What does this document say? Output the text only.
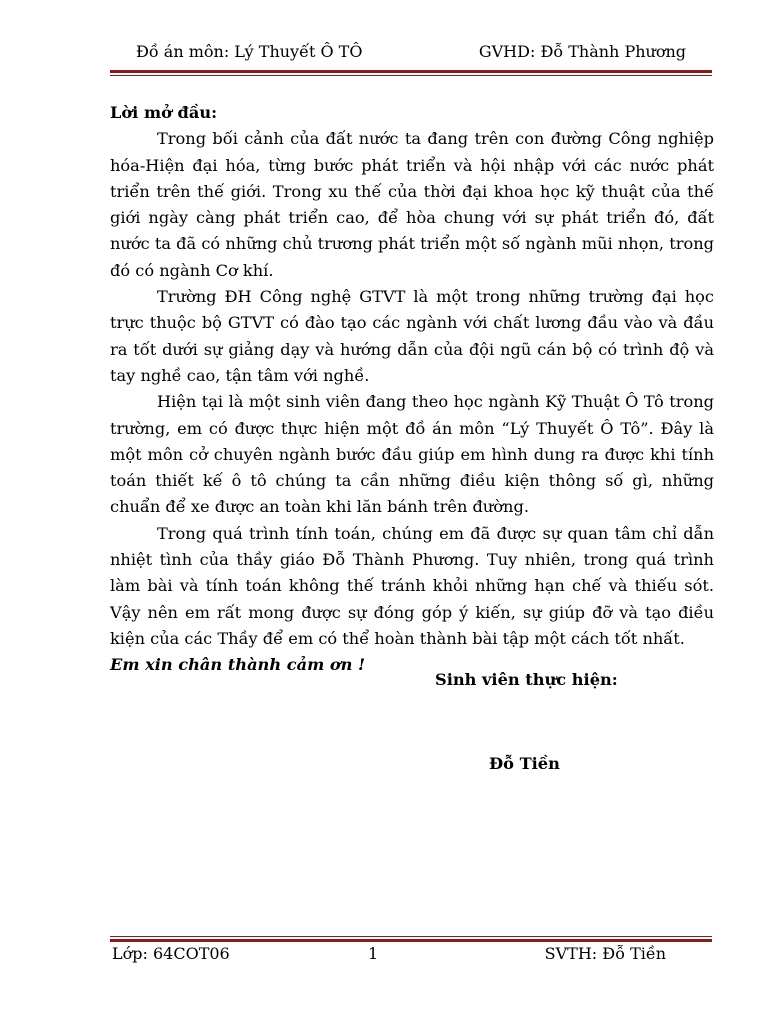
Đồ án môn: Lý Thuyết Ô TÔ	GVHD: Đỗ Thành Phương

Lời mở đầu:

Trong bối cảnh của đất nước ta đang trên con đường Công nghiệp hóa-Hiện đại hóa, từng bước phát triển và hội nhập với các nước phát triển trên thế giới. Trong xu thế của thời đại khoa học kỹ thuật của thế giới ngày càng phát triển cao, để hòa chung với sự phát triển đó, đất nước ta đã có những chủ trương phát triển một số ngành mũi nhọn, trong đó có ngành Cơ khí.

Trường ĐH Công nghệ GTVT là một trong những trường đại học trực thuộc bộ GTVT có đào tạo các ngành với chất lương đầu vào và đầu ra tốt dưới sự giảng dạy và hướng dẫn của đội ngũ cán bộ có trình độ và tay nghề cao, tận tâm với nghề.

Hiện tại là một sinh viên đang theo học ngành Kỹ Thuật Ô Tô trong trường, em có được thực hiện một đồ án môn “Lý Thuyết Ô Tô”. Đây là một môn cở chuyên ngành bước đầu giúp em hình dung ra được khi tính toán thiết kế ô tô chúng ta cần những điều kiện thông số gì, những chuẩn để xe được an toàn khi lăn bánh trên đường.

Trong quá trình tính toán, chúng em đã được sự quan tâm chỉ dẫn nhiệt tình của thầy giáo Đỗ Thành Phương. Tuy nhiên, trong quá trình làm bài và tính toán không thế tránh khỏi những hạn chế và thiếu sót. Vậy nên em rất mong được sự đóng góp ý kiến, sự giúp đỡ và tạo điều kiện của các Thầy để em có thể hoàn thành bài tập một cách tốt nhất.

Em xin chân thành cảm ơn !

Sinh viên thực hiện:
Đỗ Tiền
Lớp: 64COT06	1	SVTH: Đỗ Tiền
